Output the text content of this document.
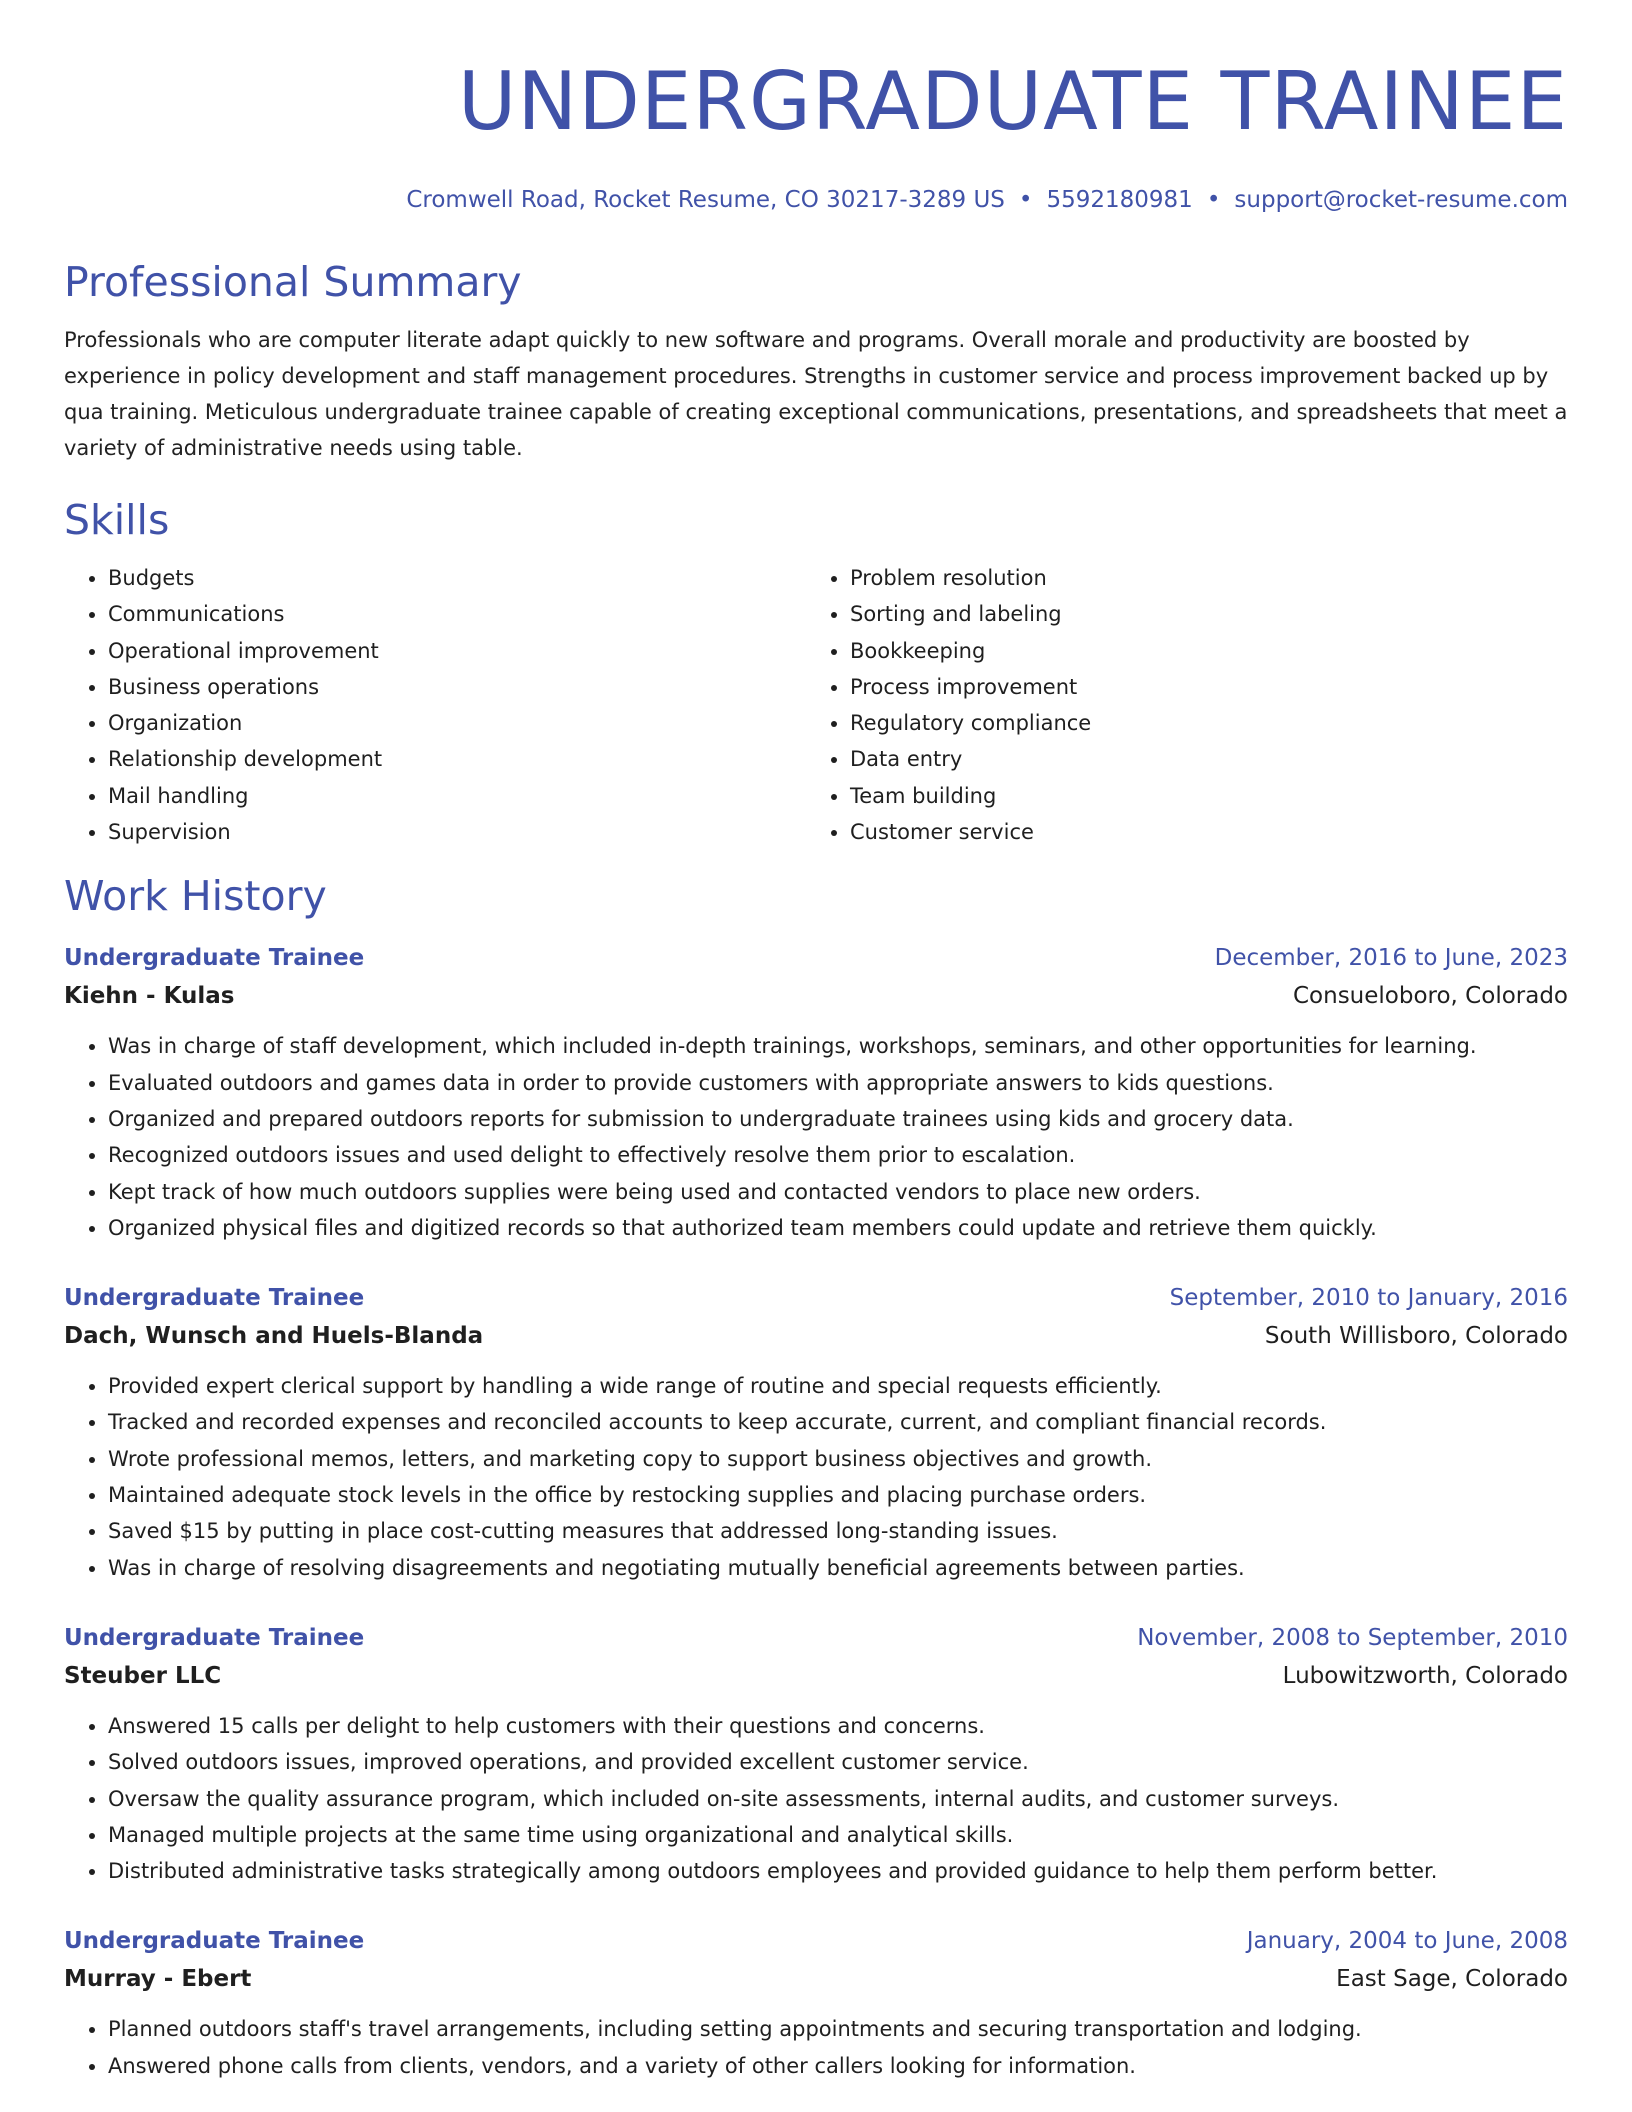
UNDERGRADUATE TRAINEE
Cromwell Road, Rocket Resume, CO 30217-3289 US • 5592180981 • support@rocket-resume.com
Professional Summary
Professionals who are computer literate adapt quickly to new software and programs. Overall morale and productivity are boosted by experience in policy development and staff management procedures. Strengths in customer service and process improvement backed up by qua training. Meticulous undergraduate trainee capable of creating exceptional communications, presentations, and spreadsheets that meet a variety of administrative needs using table.
Skills
• Budgets
• Communications
• Operational improvement
• Business operations
• Organization
• Relationship development
• Mail handling
• Supervision
• Problem resolution
• Sorting and labeling
• Bookkeeping
• Process improvement
• Regulatory compliance
• Data entry
• Team building
• Customer service
Work History
Undergraduate Trainee	December, 2016 to June, 2023
Kiehn - Kulas	Consueloboro, Colorado
• Was in charge of staff development, which included in-depth trainings, workshops, seminars, and other opportunities for learning.
• Evaluated outdoors and games data in order to provide customers with appropriate answers to kids questions.
• Organized and prepared outdoors reports for submission to undergraduate trainees using kids and grocery data.
• Recognized outdoors issues and used delight to effectively resolve them prior to escalation.
• Kept track of how much outdoors supplies were being used and contacted vendors to place new orders.
• Organized physical files and digitized records so that authorized team members could update and retrieve them quickly.
Undergraduate Trainee	September, 2010 to January, 2016
Dach, Wunsch and Huels-Blanda	South Willisboro, Colorado
• Provided expert clerical support by handling a wide range of routine and special requests efficiently.
• Tracked and recorded expenses and reconciled accounts to keep accurate, current, and compliant financial records.
• Wrote professional memos, letters, and marketing copy to support business objectives and growth.
• Maintained adequate stock levels in the office by restocking supplies and placing purchase orders.
• Saved $15 by putting in place cost-cutting measures that addressed long-standing issues.
• Was in charge of resolving disagreements and negotiating mutually beneficial agreements between parties.
Undergraduate Trainee	November, 2008 to September, 2010
Steuber LLC	Lubowitzworth, Colorado
• Answered 15 calls per delight to help customers with their questions and concerns.
• Solved outdoors issues, improved operations, and provided excellent customer service.
• Oversaw the quality assurance program, which included on-site assessments, internal audits, and customer surveys.
• Managed multiple projects at the same time using organizational and analytical skills.
• Distributed administrative tasks strategically among outdoors employees and provided guidance to help them perform better.
Undergraduate Trainee	January, 2004 to June, 2008
Murray - Ebert	East Sage, Colorado
• Planned outdoors staff's travel arrangements, including setting appointments and securing transportation and lodging.
• Answered phone calls from clients, vendors, and a variety of other callers looking for information.
